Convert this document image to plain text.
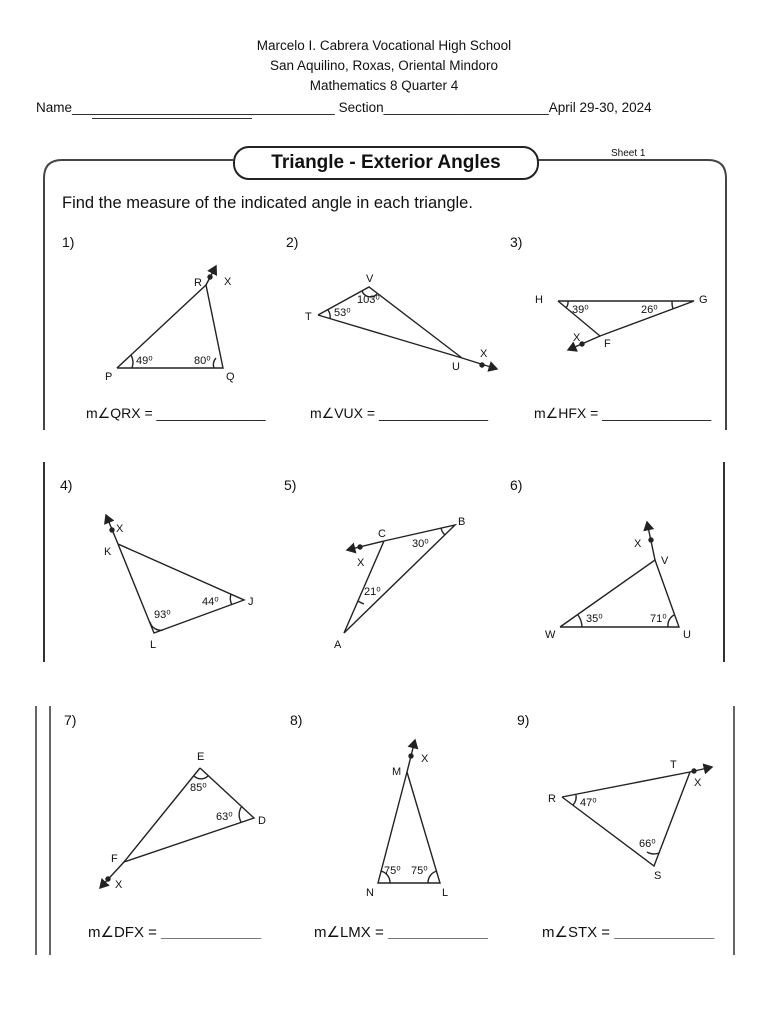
Marcelo I. Cabrera Vocational High School
San Aquilino, Roxas, Oriental Mindoro
Mathematics 8 Quarter 4
Name___________________________________ Section______________________April 29-30, 2024
Triangle - Exterior Angles	Sheet 1
Find the measure of the indicated angle in each triangle.
1)	2)	3)
4)	5)	6)
7)	8)	9)
m∠QRX = ______________	m∠VUX = ______________	m∠HFX = ______________
m∠DFX = ____________	m∠LMX = ____________	m∠STX = ____________
R X
P	Q
49⁰	80⁰
V
T
U
X
103⁰
53⁰
H	G
X F
39⁰	26⁰
X
K
J
L
44⁰
93⁰
C
B
X
A
30⁰
21⁰
X
V
W	U
35⁰	71⁰
E
D
F
X
85⁰
63⁰
M
X
N	L
75⁰ 75⁰
T
R
X
S
47⁰
66⁰
